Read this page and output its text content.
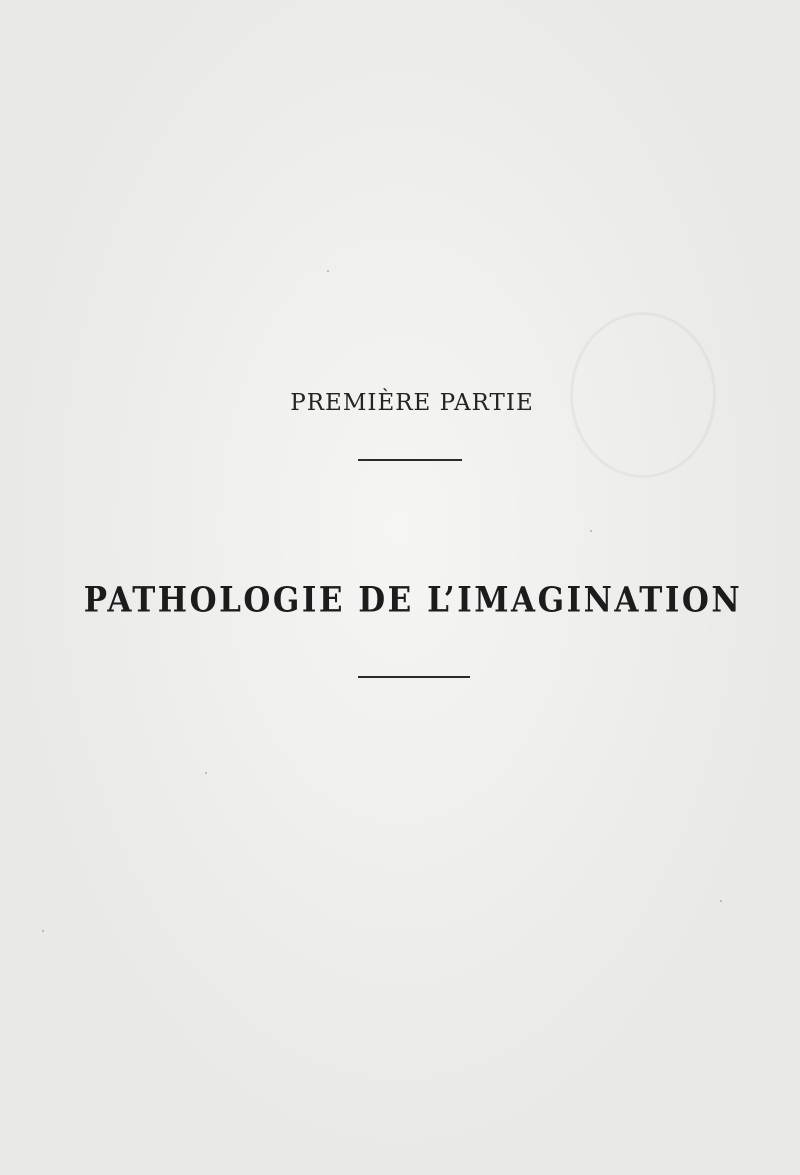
PREMIÈRE PARTIE
PATHOLOGIE DE L’IMAGINATION
